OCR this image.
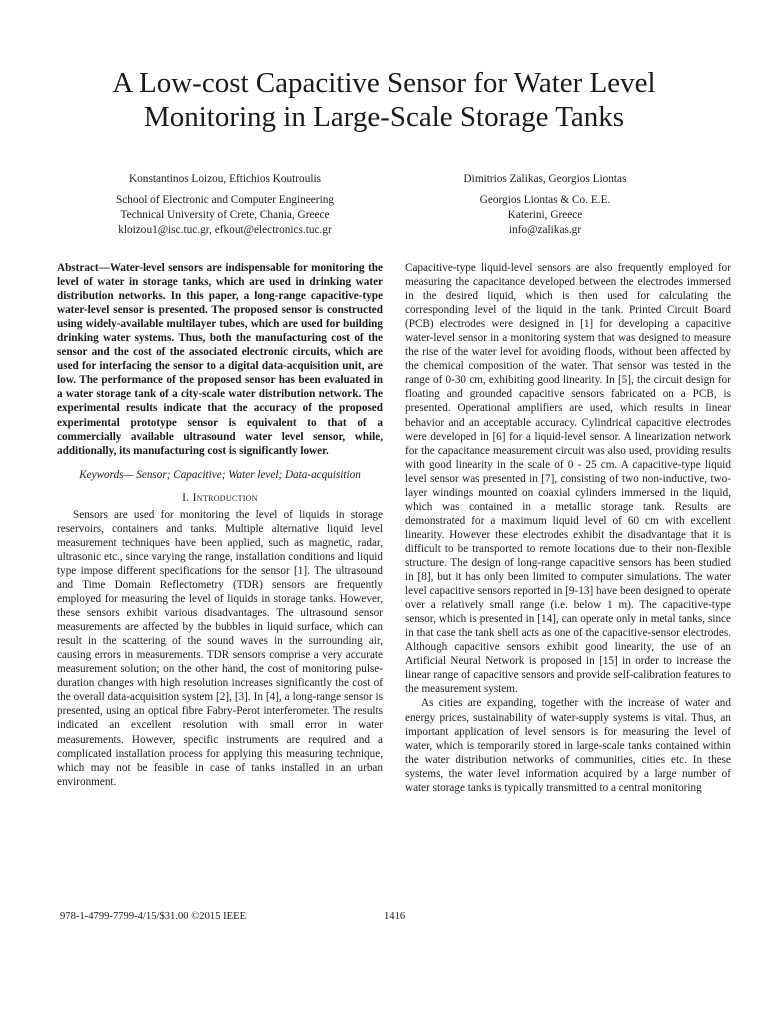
A Low-cost Capacitive Sensor for Water Level Monitoring in Large-Scale Storage Tanks
Konstantinos Loizou, Eftichios Koutroulis
School of Electronic and Computer Engineering
Technical University of Crete, Chania, Greece
kloizou1@isc.tuc.gr, efkout@electronics.tuc.gr
Dimitrios Zalikas, Georgios Liontas
Georgios Liontas & Co. E.E.
Katerini, Greece
info@zalikas.gr

Abstract—Water-level sensors are indispensable for monitoring the level of water in storage tanks, which are used in drinking water distribution networks. In this paper, a long-range capacitive-type water-level sensor is presented. The proposed sensor is constructed using widely-available multilayer tubes, which are used for building drinking water systems. Thus, both the manufacturing cost of the sensor and the cost of the associated electronic circuits, which are used for interfacing the sensor to a digital data-acquisition unit, are low. The performance of the proposed sensor has been evaluated in a water storage tank of a city-scale water distribution network. The experimental results indicate that the accuracy of the proposed experimental prototype sensor is equivalent to that of a commercially available ultrasound water level sensor, while, additionally, its manufacturing cost is significantly lower.

Keywords— Sensor; Capacitive; Water level; Data-acquisition

I. Introduction

Sensors are used for monitoring the level of liquids in storage reservoirs, containers and tanks. Multiple alternative liquid level measurement techniques have been applied, such as magnetic, radar, ultrasonic etc., since varying the range, installation conditions and liquid type impose different specifications for the sensor [1]. The ultrasound and Time Domain Reflectometry (TDR) sensors are frequently employed for measuring the level of liquids in storage tanks. However, these sensors exhibit various disadvantages. The ultrasound sensor measurements are affected by the bubbles in liquid surface, which can result in the scattering of the sound waves in the surrounding air, causing errors in measurements. TDR sensors comprise a very accurate measurement solution; on the other hand, the cost of monitoring pulse-duration changes with high resolution increases significantly the cost of the overall data-acquisition system [2], [3]. In [4], a long-range sensor is presented, using an optical fibre Fabry-Perot interferometer. The results indicated an excellent resolution with small error in water measurements. However, specific instruments are required and a complicated installation process for applying this measuring technique, which may not be feasible in case of tanks installed in an urban environment.

Capacitive-type liquid-level sensors are also frequently employed for measuring the capacitance developed between the electrodes immersed in the desired liquid, which is then used for calculating the corresponding level of the liquid in the tank. Printed Circuit Board (PCB) electrodes were designed in [1] for developing a capacitive water-level sensor in a monitoring system that was designed to measure the rise of the water level for avoiding floods, without been affected by the chemical composition of the water. That sensor was tested in the range of 0-30 cm, exhibiting good linearity. In [5], the circuit design for floating and grounded capacitive sensors fabricated on a PCB, is presented. Operational amplifiers are used, which results in linear behavior and an acceptable accuracy. Cylindrical capacitive electrodes were developed in [6] for a liquid-level sensor. A linearization network for the capacitance measurement circuit was also used, providing results with good linearity in the scale of 0 - 25 cm. A capacitive-type liquid level sensor was presented in [7], consisting of two non-inductive, two-layer windings mounted on coaxial cylinders immersed in the liquid, which was contained in a metallic storage tank. Results are demonstrated for a maximum liquid level of 60 cm with excellent linearity. However these electrodes exhibit the disadvantage that it is difficult to be transported to remote locations due to their non-flexible structure. The design of long-range capacitive sensors has been studied in [8], but it has only been limited to computer simulations. The water level capacitive sensors reported in [9-13] have been designed to operate over a relatively small range (i.e. below 1 m). The capacitive-type sensor, which is presented in [14], can operate only in metal tanks, since in that case the tank shell acts as one of the capacitive-sensor electrodes. Although capacitive sensors exhibit good linearity, the use of an Artificial Neural Network is proposed in [15] in order to increase the linear range of capacitive sensors and provide self-calibration features to the measurement system.

As cities are expanding, together with the increase of water and energy prices, sustainability of water-supply systems is vital. Thus, an important application of level sensors is for measuring the level of water, which is temporarily stored in large-scale tanks contained within the water distribution networks of communities, cities etc. In these systems, the water level information acquired by a large number of water storage tanks is typically transmitted to a central monitoring

978-1-4799-7799-4/15/$31.00 ©2015 IEEE	1416
